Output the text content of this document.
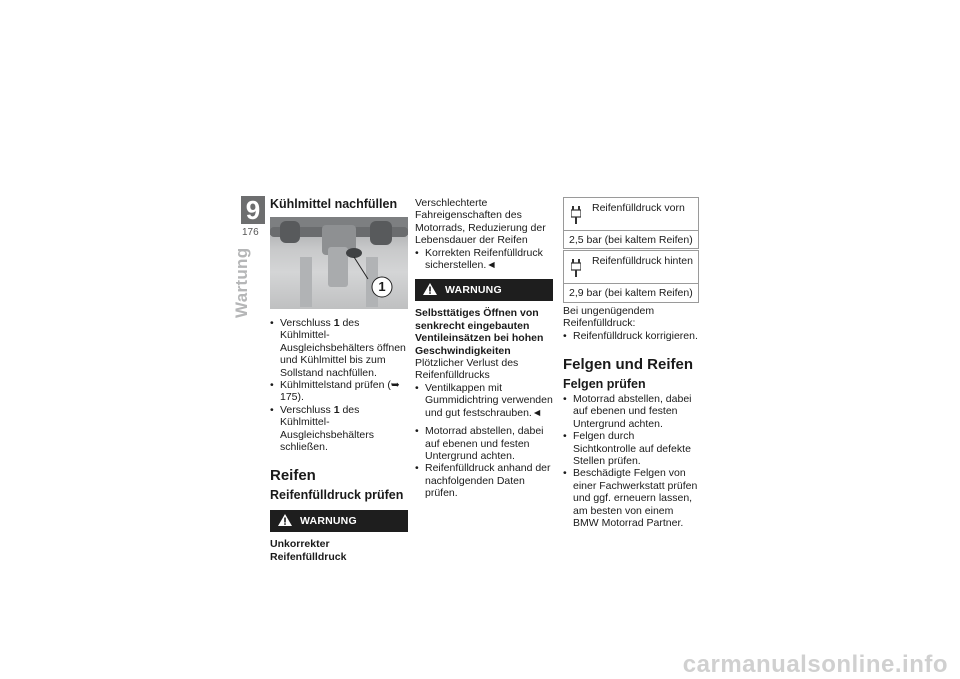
9
176
Wartung
Kühlmittel nachfüllen
1
• Verschluss 1 des Kühlmittel-Ausgleichsbehälters öffnen und Kühlmittel bis zum Sollstand nachfüllen.
• Kühlmittelstand prüfen (➥ 175).
• Verschluss 1 des Kühlmittel-Ausgleichsbehälters schließen.
Reifen
Reifenfülldruck prüfen
WARNUNG
Unkorrekter Reifenfülldruck
Verschlechterte Fahreigenschaften des Motorrads, Reduzierung der Lebensdauer der Reifen
• Korrekten Reifenfülldruck sicherstellen.◄
WARNUNG
Selbsttätiges Öffnen von senkrecht eingebauten Ventileinsätzen bei hohen Geschwindigkeiten
Plötzlicher Verlust des Reifenfülldrucks
• Ventilkappen mit Gummidichtring verwenden und gut festschrauben.◄
• Motorrad abstellen, dabei auf ebenen und festen Untergrund achten.
• Reifenfülldruck anhand der nachfolgenden Daten prüfen.
Reifenfülldruck vorn
2,5 bar (bei kaltem Reifen)
Reifenfülldruck hinten
2,9 bar (bei kaltem Reifen)
Bei ungenügendem Reifenfülldruck:
• Reifenfülldruck korrigieren.
Felgen und Reifen
Felgen prüfen
• Motorrad abstellen, dabei auf ebenen und festen Untergrund achten.
• Felgen durch Sichtkontrolle auf defekte Stellen prüfen.
• Beschädigte Felgen von einer Fachwerkstatt prüfen und ggf. erneuern lassen, am besten von einem BMW Motorrad Partner.
carmanualsonline.info
